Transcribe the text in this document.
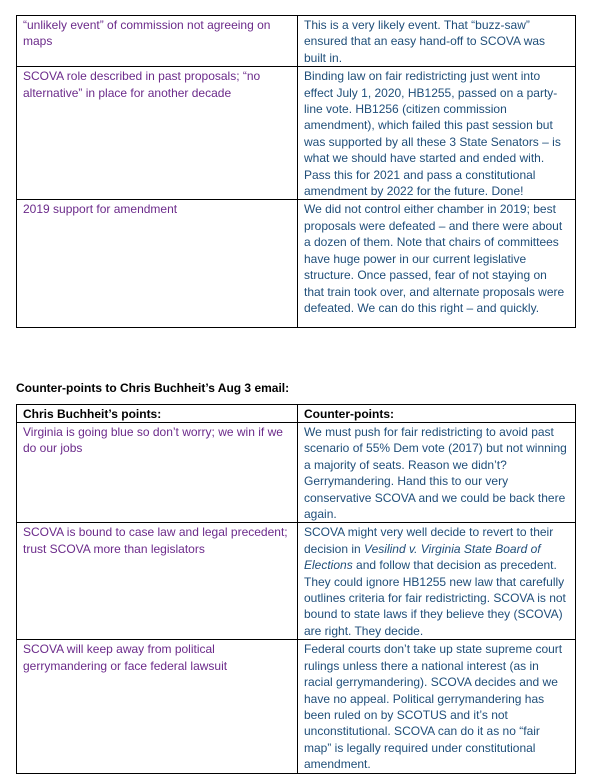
“unlikely event” of commission not agreeing on maps	This is a very likely event. That “buzz-saw” ensured that an easy hand-off to SCOVA was built in.
SCOVA role described in past proposals; “no alternative” in place for another decade	Binding law on fair redistricting just went into effect July 1, 2020, HB1255, passed on a party-line vote. HB1256 (citizen commission amendment), which failed this past session but was supported by all these 3 State Senators – is what we should have started and ended with. Pass this for 2021 and pass a constitutional amendment by 2022 for the future. Done!
2019 support for amendment	We did not control either chamber in 2019; best proposals were defeated – and there were about a dozen of them. Note that chairs of committees have huge power in our current legislative structure. Once passed, fear of not staying on that train took over, and alternate proposals were defeated. We can do this right – and quickly.
Counter-points to Chris Buchheit’s Aug 3 email:
Chris Buchheit’s points:	Counter-points:
Virginia is going blue so don’t worry; we win if we do our jobs	We must push for fair redistricting to avoid past scenario of 55% Dem vote (2017) but not winning a majority of seats. Reason we didn’t? Gerrymandering. Hand this to our very conservative SCOVA and we could be back there again.
SCOVA is bound to case law and legal precedent; trust SCOVA more than legislators	SCOVA might very well decide to revert to their decision in Vesilind v. Virginia State Board of Elections and follow that decision as precedent. They could ignore HB1255 new law that carefully outlines criteria for fair redistricting. SCOVA is not bound to state laws if they believe they (SCOVA) are right. They decide.
SCOVA will keep away from political gerrymandering or face federal lawsuit	Federal courts don’t take up state supreme court rulings unless there a national interest (as in racial gerrymandering). SCOVA decides and we have no appeal. Political gerrymandering has been ruled on by SCOTUS and it’s not unconstitutional. SCOVA can do it as no “fair map” is legally required under constitutional amendment.
